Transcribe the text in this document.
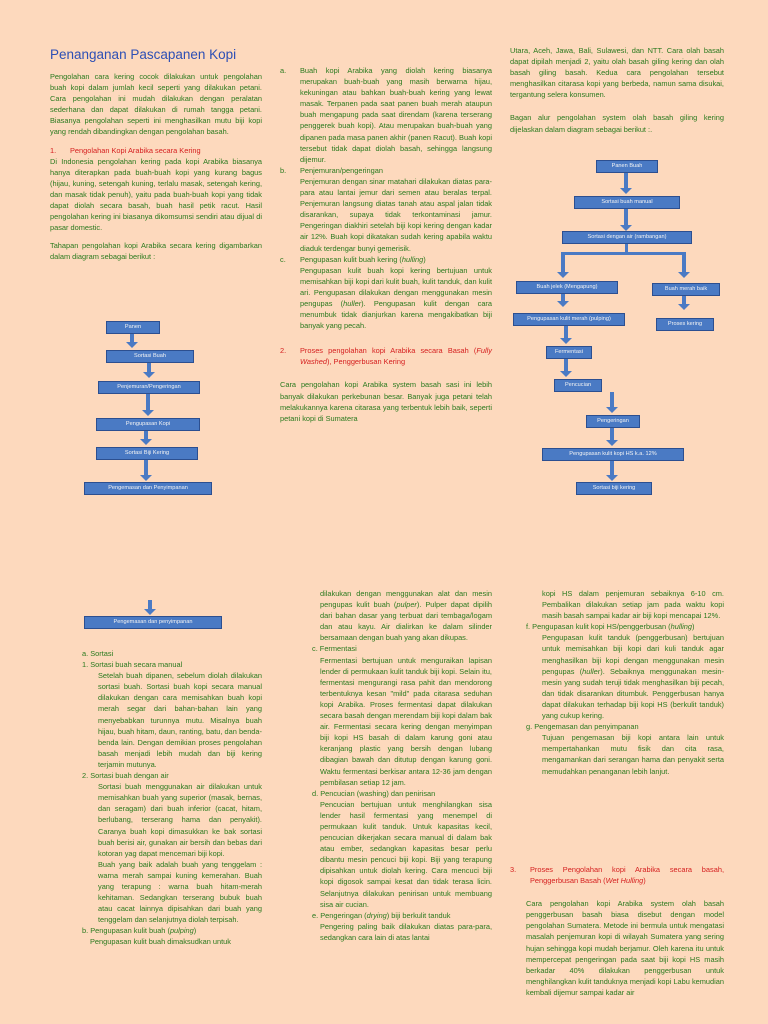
Penanganan Pascapanen Kopi

Pengolahan cara kering cocok dilakukan untuk pengolahan buah kopi dalam jumlah kecil seperti yang dilakukan petani. Cara pengolahan ini mudah dilakukan dengan peralatan sederhana dan dapat dilakukan di rumah tangga petani. Biasanya pengolahan seperti ini menghasilkan mutu biji kopi yang rendah dibandingkan dengan pengolahan basah.

1. Pengolahan Kopi Arabika secara Kering

Di Indonesia pengolahan kering pada kopi Arabika biasanya hanya diterapkan pada buah-buah kopi yang kurang bagus (hijau, kuning, setengah kuning, terlalu masak, setengah kering, dan masak tidak penuh), yaitu pada buah-buah kopi yang tidak dapat diolah secara basah, buah hasil petik racut. Hasil pengolahan kering ini biasanya dikomsumsi sendiri atau dijual di pasar domestic.

Tahapan pengolahan kopi Arabika secara kering digambarkan dalam diagram sebagai berikut :

Panen
Sortasi Buah
Penjemuran/Pengeringan
Pengupasan Kopi
Sortasi Biji Kering
Pengemasan dan Penyimpanan
a. Buah kopi Arabika yang diolah kering biasanya merupakan buah-buah yang masih berwarna hijau, kekuningan atau bahkan buah-buah kering yang lewat masak. Terpanen pada saat panen buah merah ataupun buah mengapung pada saat direndam (karena terserang penggerek buah kopi). Atau merupakan buah-buah yang dipanen pada masa panen akhir (panen Racut). Buah kopi tersebut tidak dapat diolah basah, sehingga langsung dijemur.

b. Penjemuran/pengeringan

Penjemuran dengan sinar matahari dilakukan diatas para-para atau lantai jemur dari semen atau beralas terpal. Penjemuran langsung diatas tanah atau aspal jalan tidak disarankan, supaya tidak terkontaminasi jamur. Pengeringan diakhiri setelah biji kopi kering dengan kadar air 12%. Buah kopi dikatakan sudah kering apabila waktu diaduk terdengar bunyi gemerisik.

c. Pengupasan kulit buah kering (hulling)

Pengupasan kulit buah kopi kering bertujuan untuk memisahkan biji kopi dari kulit buah, kulit tanduk, dan kulit ari. Pengupasan dilakukan dengan menggunakan mesin pengupas (huller). Pengupasan kulit dengan cara menumbuk tidak dianjurkan karena mengakibatkan biji banyak yang pecah.

2. Proses pengolahan kopi Arabika secara Basah (Fully Washed), Penggerbusan Kering

Cara pengolahan kopi Arabika system basah sasi ini lebih banyak dilakukan perkebunan besar. Banyak juga petani telah melakukannya karena citarasa yang terbentuk lebih baik, seperti petani kopi di Sumatera

Utara, Aceh, Jawa, Bali, Sulawesi, dan NTT. Cara olah basah dapat dipilah menjadi 2, yaitu olah basah giling kering dan olah basah giling basah. Kedua cara pengolahan tersebut menghasilkan citarasa kopi yang berbeda, namun sama disukai, tergantung selera konsumen.

Bagan alur pengolahan system olah basah giling kering dijelaskan dalam diagram sebagai berikut :.

Panen Buah
Sortasi buah manual
Sortasi dengan air (rambangan)
Buah jelek (Mengapung)	Buah merah baik
Pengupasan kulit merah (pulping)
Proses kering
Fermentasi
Pencucian
Pengeringan
Pengupasan kulit kopi HS k.a. 12%
Sortasi biji kering
Pengemasan dan penyimpanan
a. Sortasi
1. Sortasi buah secara manual

Setelah buah dipanen, sebelum diolah dilakukan sortasi buah. Sortasi buah kopi secara manual dilakukan dengan cara memisahkan buah kopi merah segar dari bahan-bahan lain yang menyebabkan turunnya mutu. Misalnya buah hijau, buah hitam, daun, ranting, batu, dan benda-benda lain. Dengan demikian proses pengolahan basah menjadi lebih mudah dan biji kering terjamin mutunya.

2. Sortasi buah dengan air

Sortasi buah menggunakan air dilakukan untuk memisahkan buah yang superior (masak, bernas, dan seragam) dari buah inferior (cacat, hitam, berlubang, terserang hama dan penyakit). Caranya buah kopi dimasukkan ke bak sortasi buah berisi air, gunakan air bersih dan bebas dari kotoran yag dapat mencemari biji kopi.

Buah yang baik adalah buah yang tenggelam : warna merah sampai kuning kemerahan. Buah yang terapung : warna buah hitam-merah kehitaman. Sedangkan terserang bubuk buah atau cacat lainnya dipisahkan dari buah yang tenggelam dan selanjutnya diolah terpisah.

b. Pengupasan kulit buah (pulping)

Pengupasan kulit buah dimaksudkan untuk

dilakukan dengan menggunakan alat dan mesin pengupas kulit buah (pulper). Pulper dapat dipilih dari bahan dasar yang terbuat dari tembaga/logam dan atau kayu. Air dialirkan ke dalam silinder bersamaan dengan buah yang akan dikupas.

c. Fermentasi

Fermentasi bertujuan untuk menguraikan lapisan lender di permukaan kulit tanduk biji kopi. Selain itu, fermentasi mengurangi rasa pahit dan mendorong terbentuknya kesan "mild" pada citarasa seduhan kopi Arabika. Proses fermentasi dapat dilakukan secara basah dengan merendam biji kopi dalam bak air. Fermentasi secara kering dengan menyimpan biji kopi HS basah di dalam karung goni atau keranjang plastic yang bersih dengan lubang dibagian bawah dan ditutup dengan karung goni. Waktu fermentasi berkisar antara 12-36 jam dengan pembilasan setiap 12 jam.

d. Pencucian (washing) dan penirisan

Pencucian bertujuan untuk menghilangkan sisa lender hasil fermentasi yang menempel di permukaan kulit tanduk. Untuk kapasitas kecil, pencucian dikerjakan secara manual di dalam bak atau ember, sedangkan kapasitas besar perlu dibantu mesin pencuci biji kopi. Biji yang terapung dipisahkan untuk diolah kering. Cara mencuci biji kopi digosok sampai kesat dan tidak terasa licin. Selanjutnya dilakukan penirisan untuk membuang sisa air cucian.

e. Pengeringan (drying) biji berkulit tanduk

Pengering paling baik dilakukan diatas para-para, sedangkan cara lain di atas lantai

kopi HS dalam penjemuran sebaiknya 6-10 cm. Pembalikan dilakukan setiap jam pada waktu kopi masih basah sampai kadar air biji kopi mencapai 12%.

f. Pengupasan kulit kopi HS/penggerbusan (hulling)

Pengupasan kulit tanduk (penggerbusan) bertujuan untuk memisahkan biji kopi dari kuli tanduk agar menghasilkan biji kopi dengan menggunakan mesin pengupas (huller). Sebaiknya menggunakan mesin-mesin yang sudah teruji tidak menghasilkan biji pecah, dan tidak disarankan ditumbuk. Penggerbusan hanya dapat dilakukan terhadap biji kopi HS (berkulit tanduk) yang cukup kering.

g. Pengemasan dan penyimpanan

Tujuan pengemasan biji kopi antara lain untuk mempertahankan mutu fisik dan cita rasa, mengamankan dari serangan hama dan penyakit serta memudahkan penanganan lebih lanjut.

3. Proses Pengolahan kopi Arabika secara basah, Penggerbusan Basah (Wet Hulling)

Cara pengolahan kopi Arabika system olah basah penggerbusan basah biasa disebut dengan model pengolahan Sumatera. Metode ini bermula untuk mengatasi masalah penjemuran kopi di wilayah Sumatera yang sering hujan sehingga kopi mudah berjamur. Oleh karena itu untuk mempercepat pengeringan pada saat biji kopi HS masih berkadar 40% dilakukan penggerbusan untuk menghilangkan kulit tanduknya menjadi kopi Labu kemudian kembali dijemur sampai kadar air
